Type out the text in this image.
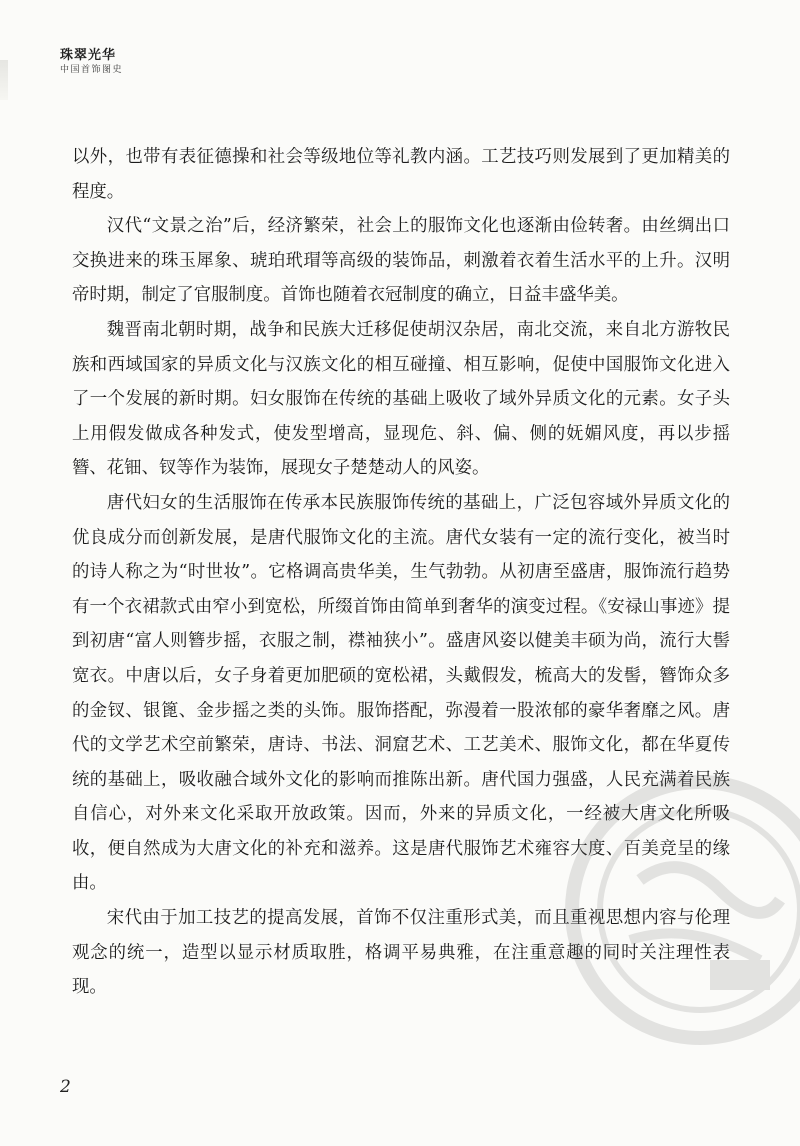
珠翠光华
中国首饰图史

以外，也带有表征德操和社会等级地位等礼教内涵。工艺技巧则发展到了更加精美的程度。

汉代“文景之治”后，经济繁荣，社会上的服饰文化也逐渐由俭转奢。由丝绸出口交换进来的珠玉犀象、琥珀玳瑁等高级的装饰品，刺激着衣着生活水平的上升。汉明帝时期，制定了官服制度。首饰也随着衣冠制度的确立，日益丰盛华美。

魏晋南北朝时期，战争和民族大迁移促使胡汉杂居，南北交流，来自北方游牧民族和西域国家的异质文化与汉族文化的相互碰撞、相互影响，促使中国服饰文化进入了一个发展的新时期。妇女服饰在传统的基础上吸收了域外异质文化的元素。女子头上用假发做成各种发式，使发型增高，显现危、斜、偏、侧的妩媚风度，再以步摇簪、花钿、钗等作为装饰，展现女子楚楚动人的风姿。

唐代妇女的生活服饰在传承本民族服饰传统的基础上，广泛包容域外异质文化的优良成分而创新发展，是唐代服饰文化的主流。唐代女装有一定的流行变化，被当时的诗人称之为“时世妆”。它格调高贵华美，生气勃勃。从初唐至盛唐，服饰流行趋势有一个衣裙款式由窄小到宽松，所缀首饰由简单到奢华的演变过程。《安禄山事迹》提到初唐“富人则簪步摇，衣服之制，襟袖狭小”。盛唐风姿以健美丰硕为尚，流行大髻宽衣。中唐以后，女子身着更加肥硕的宽松裙，头戴假发，梳高大的发髻，簪饰众多的金钗、银篦、金步摇之类的头饰。服饰搭配，弥漫着一股浓郁的豪华奢靡之风。唐代的文学艺术空前繁荣，唐诗、书法、洞窟艺术、工艺美术、服饰文化，都在华夏传统的基础上，吸收融合域外文化的影响而推陈出新。唐代国力强盛，人民充满着民族自信心，对外来文化采取开放政策。因而，外来的异质文化，一经被大唐文化所吸收，便自然成为大唐文化的补充和滋养。这是唐代服饰艺术雍容大度、百美竞呈的缘由。

宋代由于加工技艺的提高发展，首饰不仅注重形式美，而且重视思想内容与伦理观念的统一，造型以显示材质取胜，格调平易典雅，在注重意趣的同时关注理性表现。

2
